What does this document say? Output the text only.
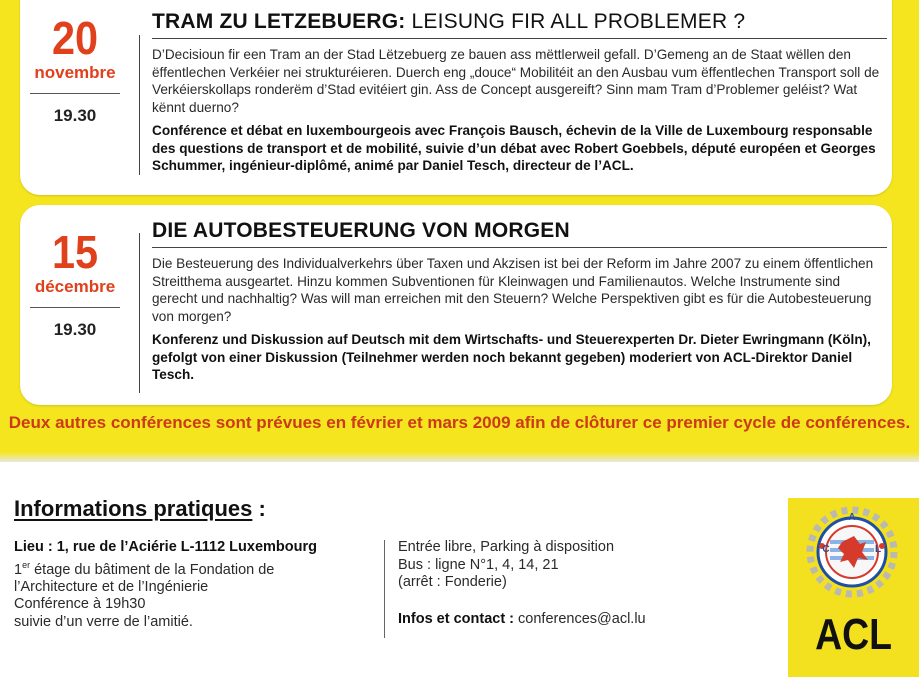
20
novembre
19.30
TRAM ZU LETZEBUERG: LEISUNG FIR ALL PROBLEMER ?

D’Decisioun fir een Tram an der Stad Lëtzebuerg ze bauen ass mëttlerweil gefall. D’Gemeng an de Staat wëllen den ëffentlechen Verkéier nei strukturéieren. Duerch eng „douce“ Mobilitéit an den Ausbau vum ëffentlechen Transport soll de Verkéierskollaps ronderëm d’Stad evitéiert gin. Ass de Concept ausgereift? Sinn mam Tram d’Problemer geléist? Wat kënnt duerno?

Conférence et débat en luxembourgeois avec François Bausch, échevin de la Ville de Luxembourg responsable des questions de transport et de mobilité, suivie d’un débat avec Robert Goebbels, député européen et Georges Schummer, ingénieur-diplômé, animé par Daniel Tesch, directeur de l’ACL.

15
décembre
19.30
DIE AUTOBESTEUERUNG VON MORGEN

Die Besteuerung des Individualverkehrs über Taxen und Akzisen ist bei der Reform im Jahre 2007 zu einem öffentlichen Streitthema ausgeartet. Hinzu kommen Subventionen für Kleinwagen und Familienautos. Welche Instrumente sind gerecht und nachhaltig? Was will man erreichen mit den Steuern? Welche Perspektiven gibt es für die Autobesteuerung von morgen?

Konferenz und Diskussion auf Deutsch mit dem Wirtschafts- und Steuerexperten Dr. Dieter Ewringmann (Köln), gefolgt von einer Diskussion (Teilnehmer werden noch bekannt gegeben) moderiert von ACL-Direktor Daniel Tesch.

Deux autres conférences sont prévues en février et mars 2009 afin de clôturer ce premier cycle de conférences.
Informations pratiques :
Lieu : 1, rue de l’Aciérie L-1112 Luxembourg
1er étage du bâtiment de la Fondation de
l’Architecture et de l’Ingénierie
Conférence à 19h30
suivie d’un verre de l’amitié.
Entrée libre, Parking à disposition
Bus : ligne N°1, 4, 14, 21
(arrêt : Fonderie)
Infos et contact : conferences@acl.lu
A
C	L
ACL
